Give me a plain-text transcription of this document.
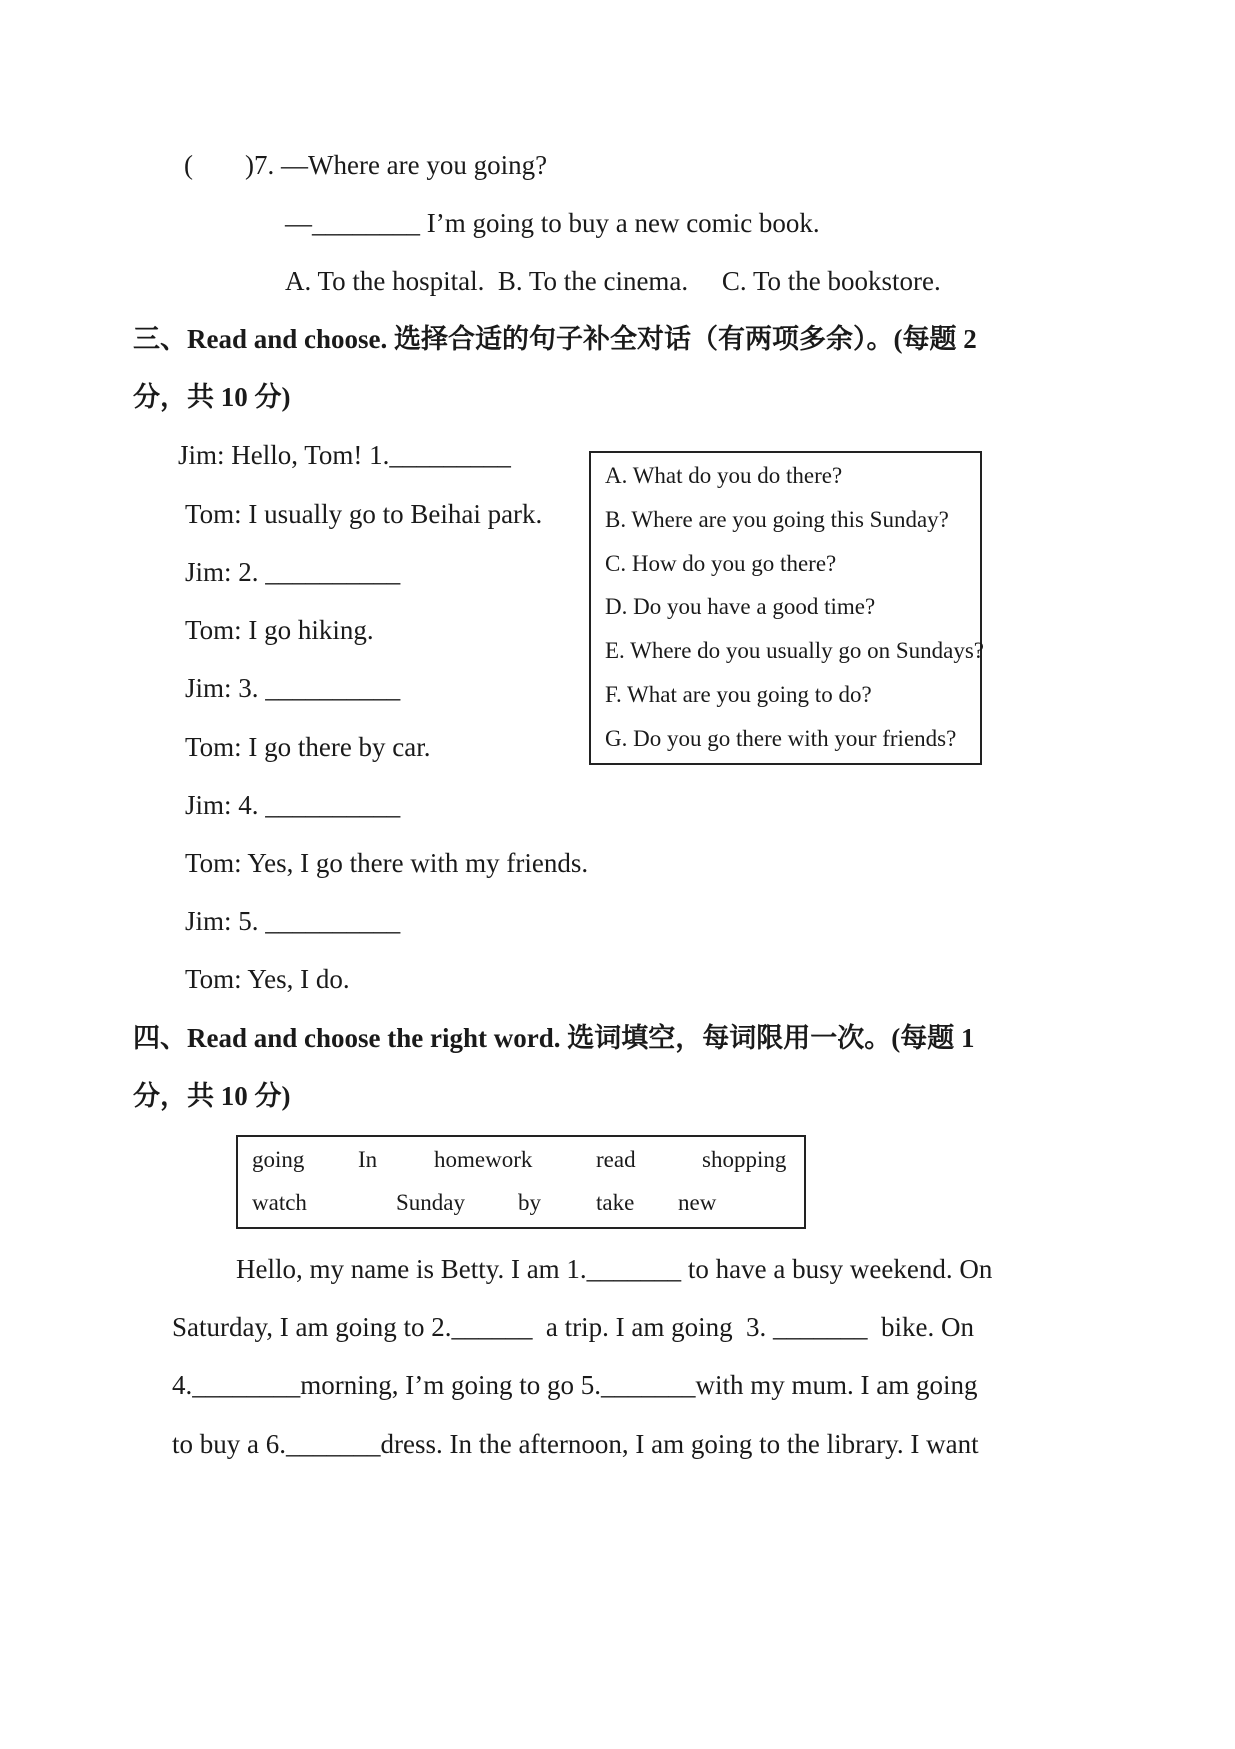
( )7. —Where are you going?
—________ I’m going to buy a new comic book.
A. To the hospital.  B. To the cinema.     C. To the bookstore.
三、Read and choose. 选择合适的句子补全对话（有两项多余）。(每题 2
分，共 10 分)
Jim: Hello, Tom! 1._________
Tom: I usually go to Beihai park.
Jim: 2. __________
Tom: I go hiking.
Jim: 3. __________
Tom: I go there by car.
Jim: 4. __________
Tom: Yes, I go there with my friends.
Jim: 5. __________
Tom: Yes, I do.
A. What do you do there?
B. Where are you going this Sunday?
C. How do you go there?
D. Do you have a good time?
E. Where do you usually go on Sundays?
F. What are you going to do?
G. Do you go there with your friends?
四、Read and choose the right word. 选词填空，每词限用一次。(每题 1
分，共 10 分)
going In homework	read	shopping
watch	Sunday by take new
Hello, my name is Betty. I am 1._______ to have a busy weekend. On
Saturday, I am going to 2.______ a trip. I am going 3. _______ bike. On
4.________ morning, I’m going to go 5._______ with my mum. I am going
to buy a 6._______ dress. In the afternoon, I am going to the library. I want
